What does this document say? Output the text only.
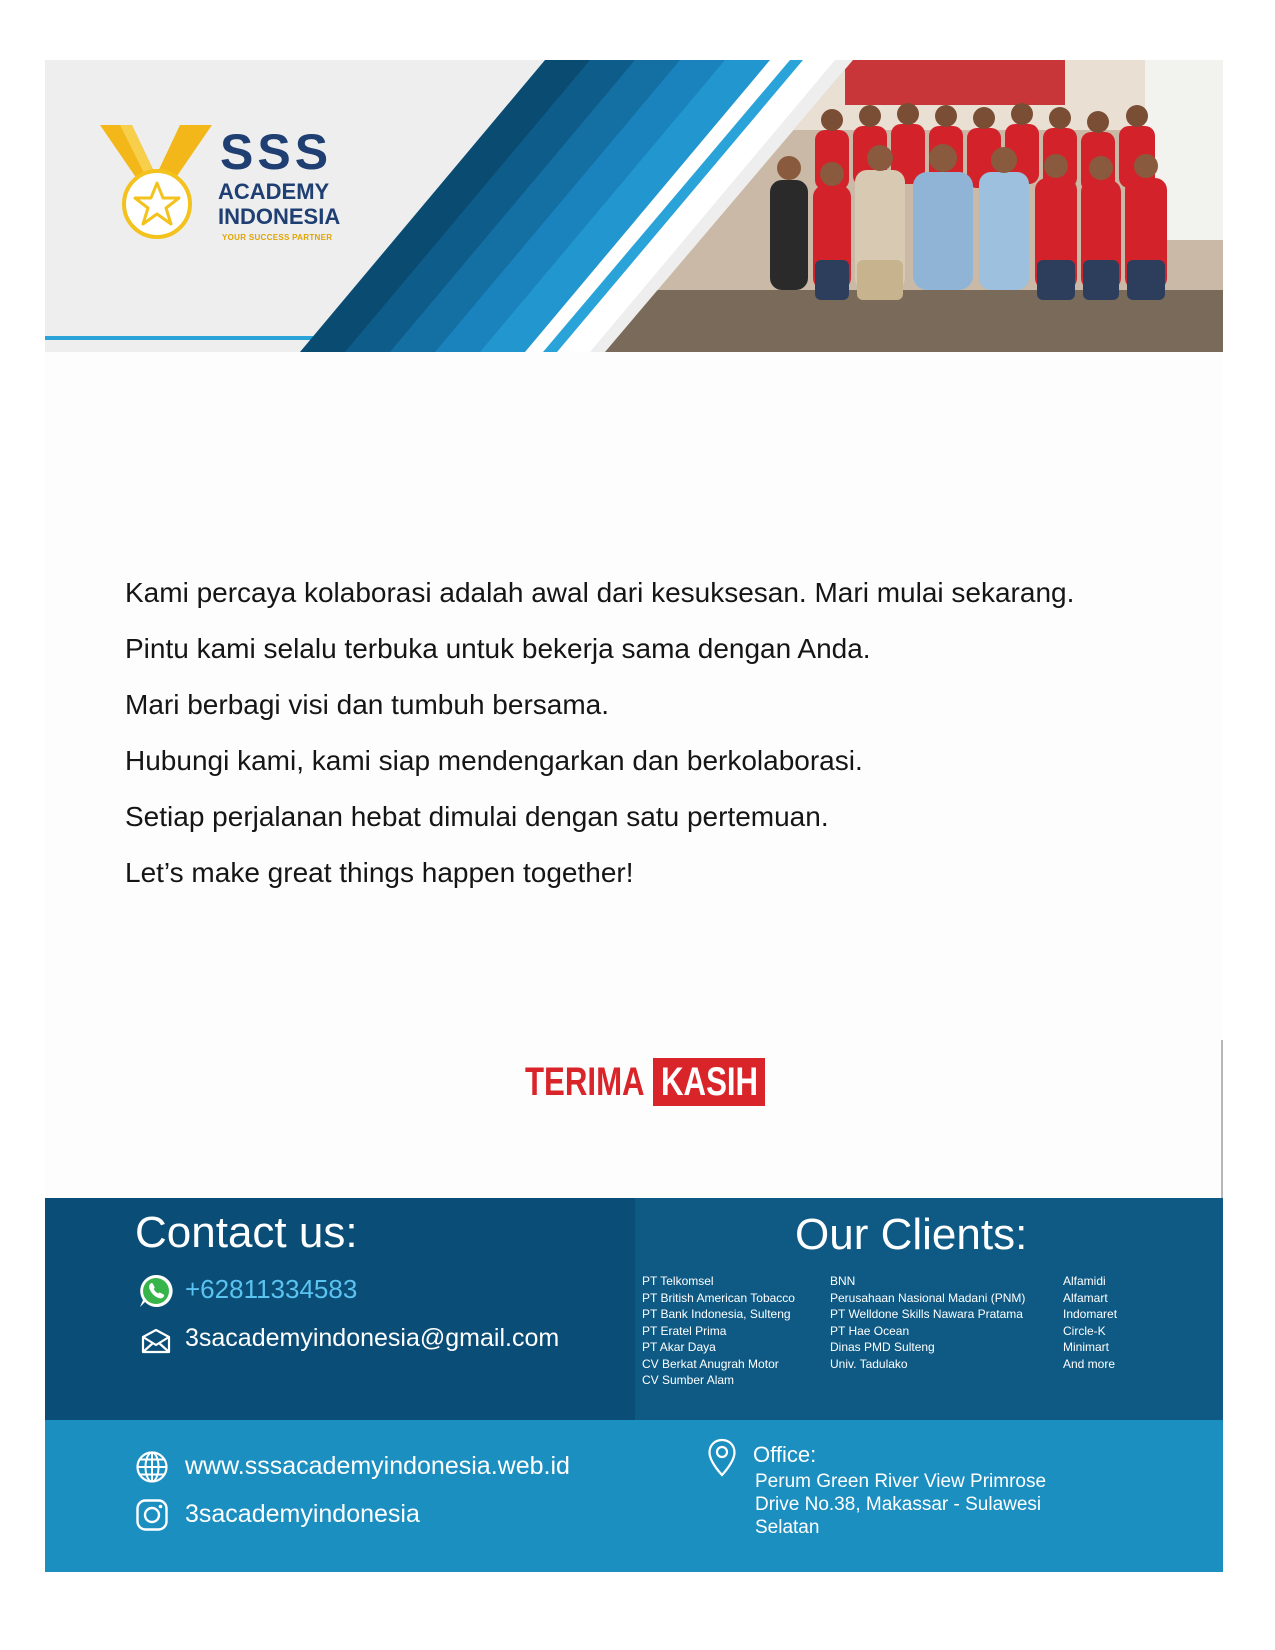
SSS
ACADEMY
INDONESIA
YOUR SUCCESS PARTNER

Kami percaya kolaborasi adalah awal dari kesuksesan. Mari mulai sekarang.

Pintu kami selalu terbuka untuk bekerja sama dengan Anda.

Mari berbagi visi dan tumbuh bersama.

Hubungi kami, kami siap mendengarkan dan berkolaborasi.

Setiap perjalanan hebat dimulai dengan satu pertemuan.

Let’s make great things happen together!

TERIMA KASIH
Contact us:
+62811334583
3sacademyindonesia@gmail.com
Our Clients:
PT Telkomsel
PT British American Tobacco
PT Bank Indonesia, Sulteng
PT Eratel Prima
PT Akar Daya
CV Berkat Anugrah Motor
CV Sumber Alam
BNN
Perusahaan Nasional Madani (PNM)
PT Welldone Skills Nawara Pratama
PT Hae Ocean
Dinas PMD Sulteng
Univ. Tadulako
Alfamidi
Alfamart
Indomaret
Circle-K
Minimart
And more
www.sssacademyindonesia.web.id
3sacademyindonesia
Office:
Perum Green River View Primrose Drive No.38, Makassar - Sulawesi Selatan
